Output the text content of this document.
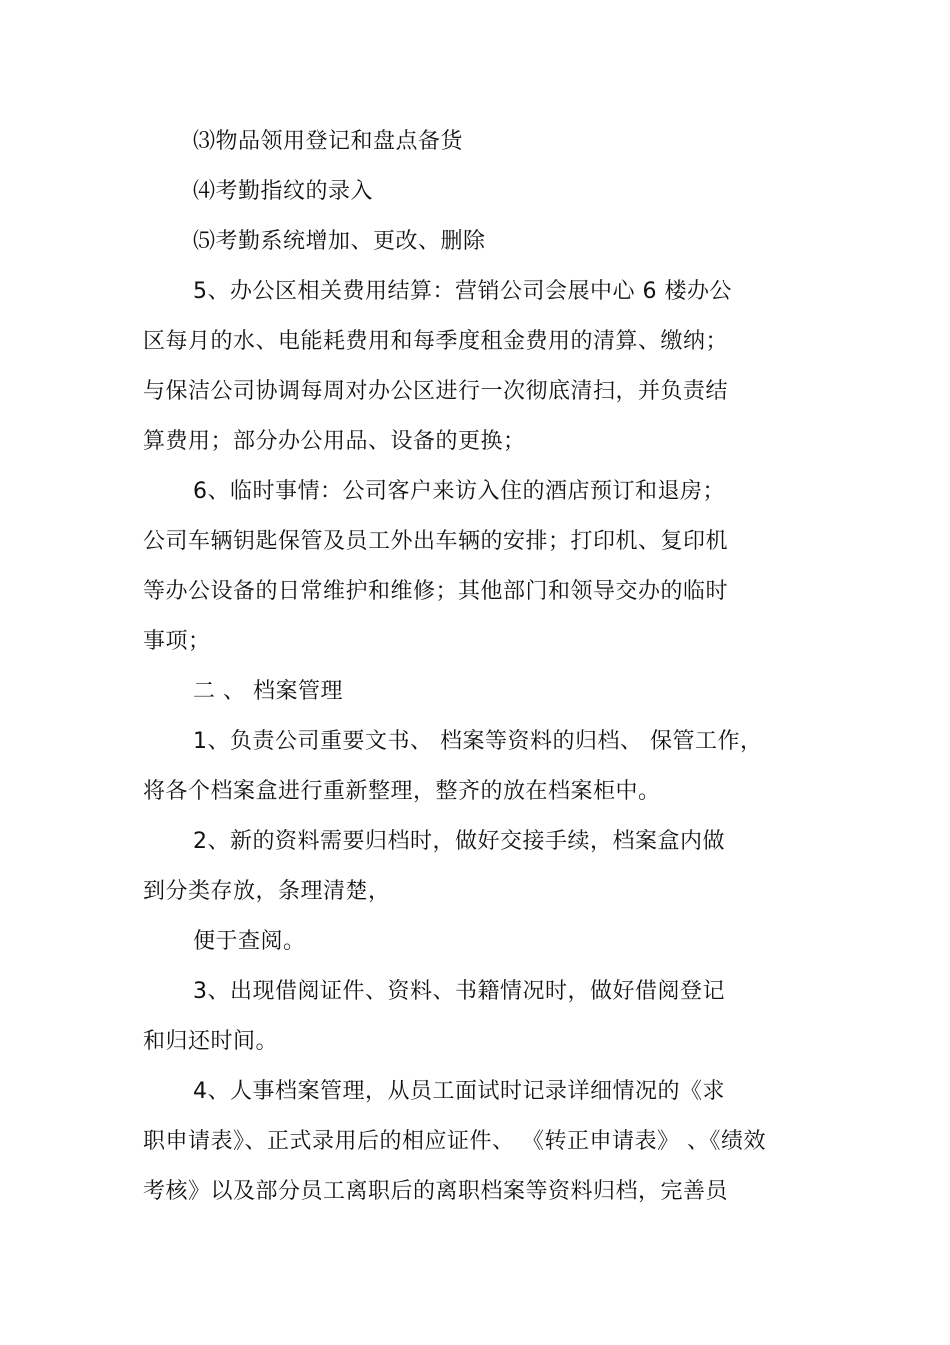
⑶物品领用登记和盘点备货
⑷考勤指纹的录入
⑸考勤系统增加、更改、删除
5、办公区相关费用结算：营销公司会展中心 6 楼办公
区每月的水、电能耗费用和每季度租金费用的清算、缴纳；
与保洁公司协调每周对办公区进行一次彻底清扫，并负责结
算费用；部分办公用品、设备的更换；
6、临时事情：公司客户来访入住的酒店预订和退房；
公司车辆钥匙保管及员工外出车辆的安排；打印机、复印机
等办公设备的日常维护和维修；其他部门和领导交办的临时
事项；
二 、 档案管理
1、负责公司重要文书、 档案等资料的归档、 保管工作，
将各个档案盒进行重新整理，整齐的放在档案柜中。
2、新的资料需要归档时，做好交接手续，档案盒内做
到分类存放，条理清楚，
便于查阅。
3、出现借阅证件、资料、书籍情况时，做好借阅登记
和归还时间。
4、人事档案管理，从员工面试时记录详细情况的《求
职申请表》、正式录用后的相应证件、 《转正申请表》 、《绩效
考核》以及部分员工离职后的离职档案等资料归档，完善员
